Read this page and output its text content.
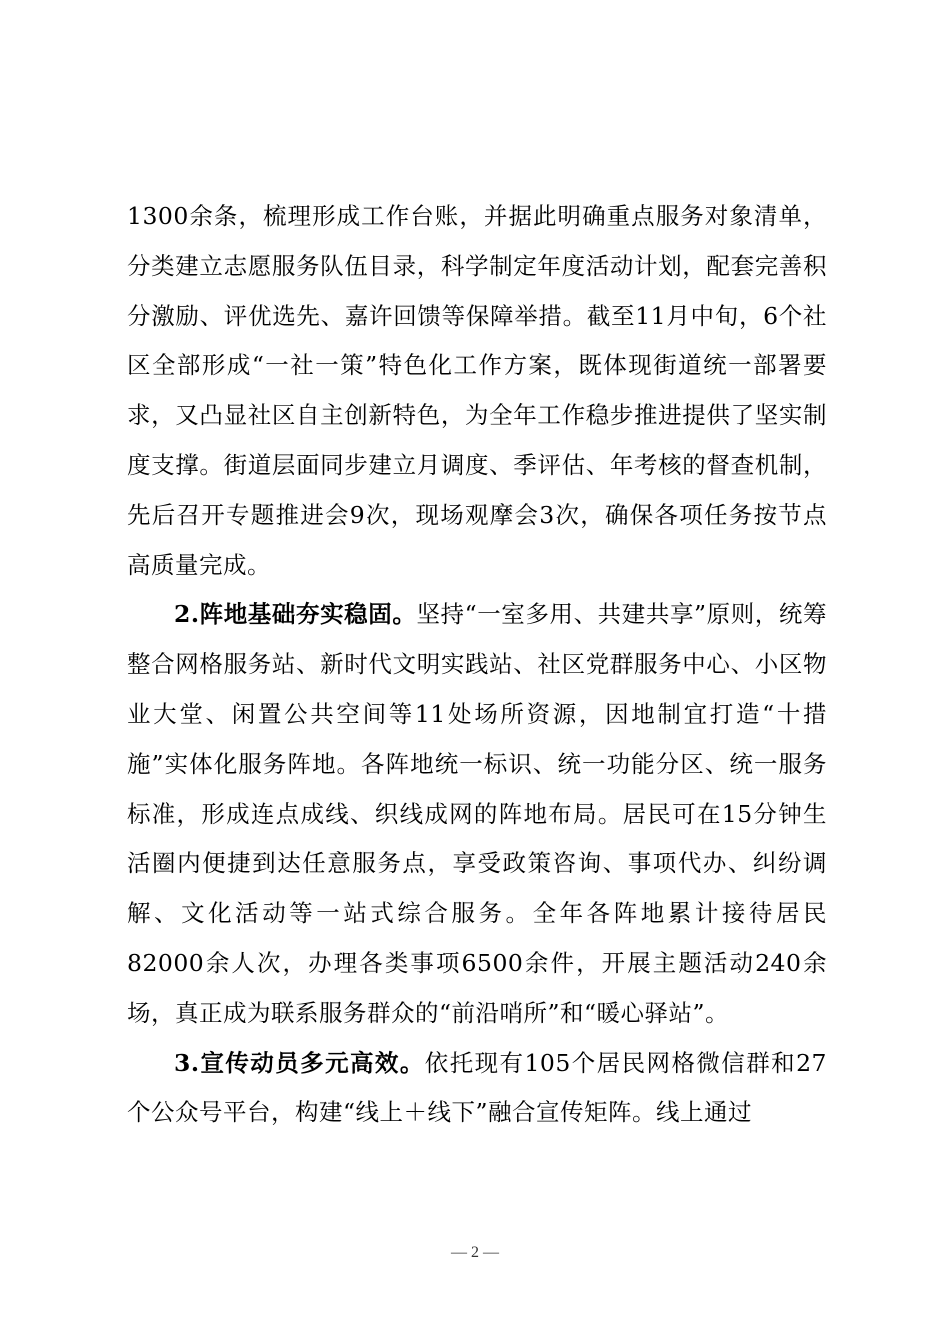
1300余条，梳理形成工作台账，并据此明确重点服务对象清单，分类建立志愿服务队伍目录，科学制定年度活动计划，配套完善积分激励、评优选先、嘉许回馈等保障举措。截至11月中旬，6个社区全部形成“一社一策”特色化工作方案，既体现街道统一部署要求，又凸显社区自主创新特色，为全年工作稳步推进提供了坚实制度支撑。街道层面同步建立月调度、季评估、年考核的督查机制，先后召开专题推进会9次，现场观摩会3次，确保各项任务按节点高质量完成。

2.阵地基础夯实稳固。坚持“一室多用、共建共享”原则，统筹整合网格服务站、新时代文明实践站、社区党群服务中心、小区物业大堂、闲置公共空间等11处场所资源，因地制宜打造“十措施”实体化服务阵地。各阵地统一标识、统一功能分区、统一服务标准，形成连点成线、织线成网的阵地布局。居民可在15分钟生活圈内便捷到达任意服务点，享受政策咨询、事项代办、纠纷调解、文化活动等一站式综合服务。全年各阵地累计接待居民82000余人次，办理各类事项6500余件，开展主题活动240余场，真正成为联系服务群众的“前沿哨所”和“暖心驿站”。

3.宣传动员多元高效。依托现有105个居民网格微信群和27个公众号平台，构建“线上＋线下”融合宣传矩阵。线上通过

— 2 —
